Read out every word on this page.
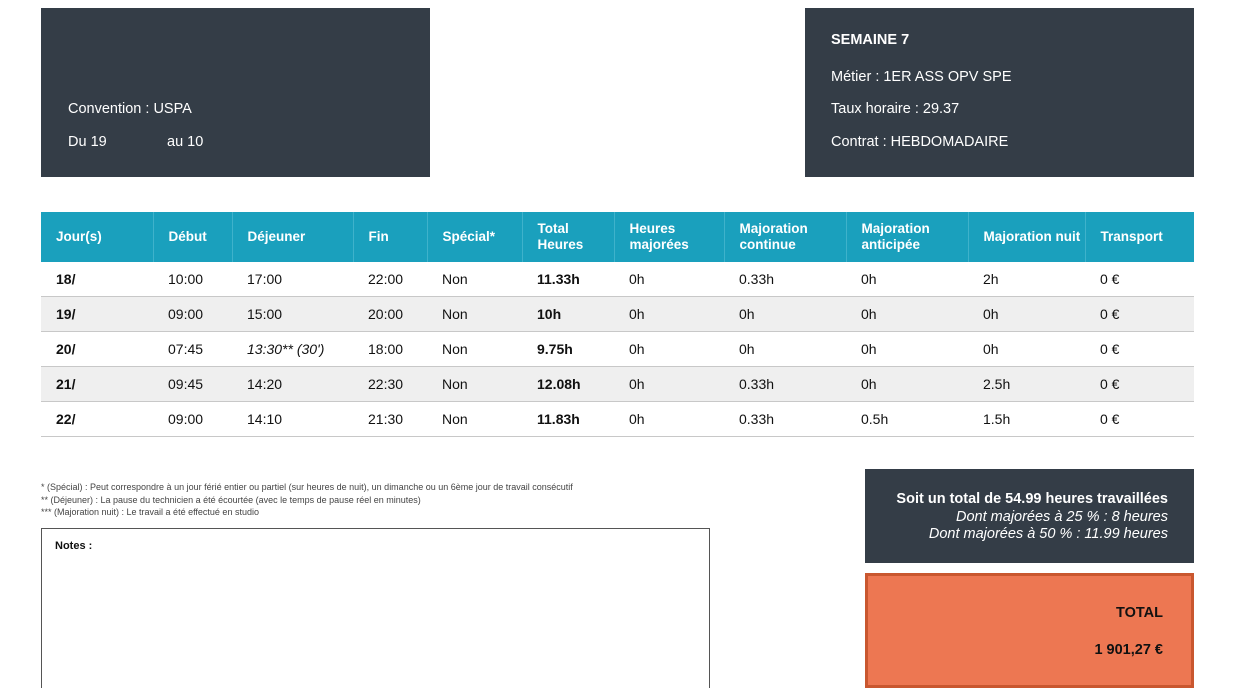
Convention : USPA
Du 19	au 10
SEMAINE 7
Métier : 1ER ASS OPV SPE
Taux horaire : 29.37
Contrat : HEBDOMADAIRE
Jour(s)	Début	Déjeuner	Fin	Spécial*	Total Heures	Heures majorées	Majoration continue	Majoration anticipée	Majoration nuit	Transport
18/	10:00	17:00	22:00	Non	11.33h	0h	0.33h	0h	2h	0 €
19/	09:00	15:00	20:00	Non	10h	0h	0h	0h	0h	0 €
20/	07:45	13:30** (30')	18:00	Non	9.75h	0h	0h	0h	0h	0 €
21/	09:45	14:20	22:30	Non	12.08h	0h	0.33h	0h	2.5h	0 €
22/	09:00	14:10	21:30	Non	11.83h	0h	0.33h	0.5h	1.5h	0 €
* (Spécial) : Peut correspondre à un jour férié entier ou partiel (sur heures de nuit), un dimanche ou un 6ème jour de travail consécutif
** (Déjeuner) : La pause du technicien a été écourtée (avec le temps de pause réel en minutes)
*** (Majoration nuit) : Le travail a été effectué en studio
Notes :
Soit un total de 54.99 heures travaillées
Dont majorées à 25 % : 8 heures
Dont majorées à 50 % : 11.99 heures
TOTAL
1 901,27 €
